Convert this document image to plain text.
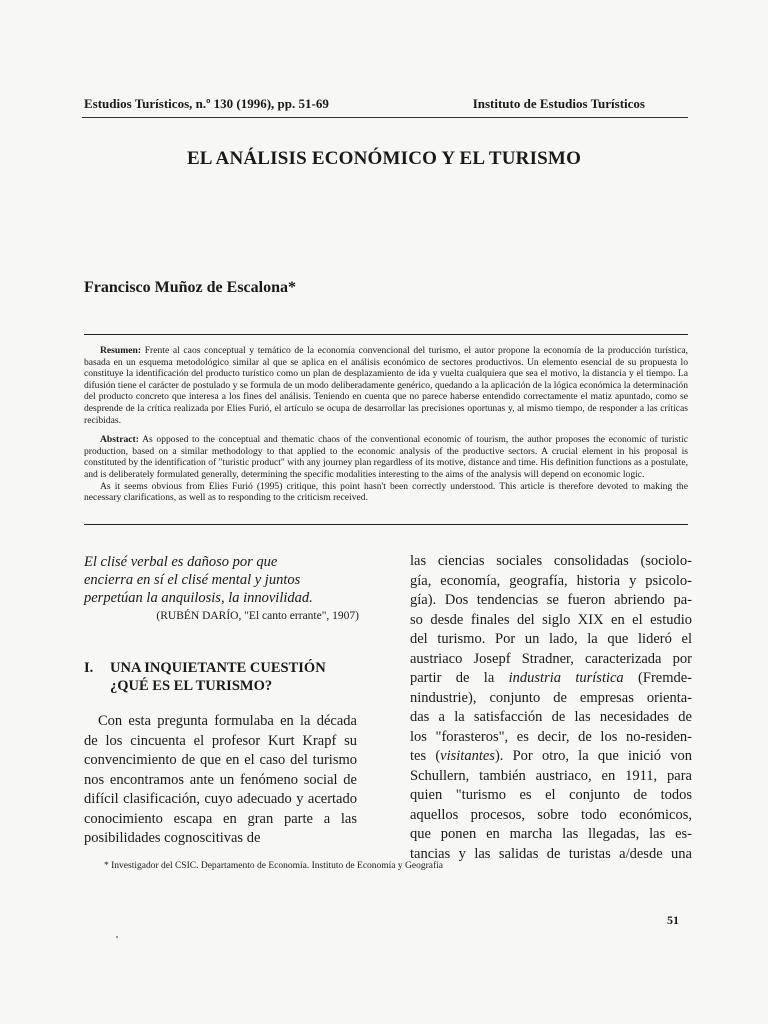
Estudios Turísticos, n.º 130 (1996), pp. 51-69	Instituto de Estudios Turísticos
EL ANÁLISIS ECONÓMICO Y EL TURISMO
Francisco Muñoz de Escalona*

Resumen: Frente al caos conceptual y temático de la economía convencional del turismo, el autor propone la economía de la producción turística, basada en un esquema metodológico similar al que se aplica en el análisis económico de sectores productivos. Un elemento esencial de su propuesta lo constituye la identificación del producto turístico como un plan de desplazamiento de ida y vuelta cualquiera que sea el motivo, la distancia y el tiempo. La difusión tiene el carácter de postulado y se formula de un modo deliberadamente genérico, quedando a la aplicación de la lógica económica la determinación del producto concreto que interesa a los fines del análisis. Teniendo en cuenta que no parece haberse entendido correctamente el matiz apuntado, como se desprende de la crítica realizada por Elies Furió, el artículo se ocupa de desarrollar las precisiones oportunas y, al mismo tiempo, de responder a las críticas recibidas.

Abstract: As opposed to the conceptual and thematic chaos of the conventional economic of tourism, the author proposes the economic of turistic production, based on a similar methodology to that applied to the economic analysis of the productive sectors. A crucial element in his proposal is constituted by the identification of "turistic product" with any journey plan regardless of its motive, distance and time. His definition functions as a postulate, and is deliberately formulated generally, determining the specific modalities interesting to the aims of the analysis will depend on economic logic.

As it seems obvious from Elies Furió (1995) critique, this point hasn't been correctly understood. This article is therefore devoted to making the necessary clarifications, as well as to responding to the criticism received.

El clisé verbal es dañoso por que
encierra en sí el clisé mental y juntos
perpetúan la anquilosis, la innovilidad.
(RUBÉN DARÍO, "El canto errante", 1907)
I. UNA INQUIETANTE CUESTIÓN
¿QUÉ ES EL TURISMO?

Con esta pregunta formulaba en la década de los cincuenta el profesor Kurt Krapf su convencimiento de que en el caso del turismo nos encontramos ante un fenómeno social de difícil clasificación, cuyo adecuado y acertado conocimiento escapa en gran parte a las posibilidades cognoscitivas de

las ciencias sociales consolidadas (sociolo-
gía, economía, geografía, historia y psicolo-
gía). Dos tendencias se fueron abriendo pa-
so desde finales del siglo XIX en el estudio
del turismo. Por un lado, la que lideró el
austriaco Josepf Stradner, caracterizada por
partir de la industria turística (Fremde-
nindustrie), conjunto de empresas orienta-
das a la satisfacción de las necesidades de
los "forasteros", es decir, de los no-residen-
tes (visitantes). Por otro, la que inició von
Schullern, también austriaco, en 1911, para
quien "turismo es el conjunto de todos
aquellos procesos, sobre todo económicos,
que ponen en marcha las llegadas, las es-
tancias y las salidas de turistas a/desde una
* Investigador del CSIC. Departamento de Economía. Instituto de Economía y Geografía
51
